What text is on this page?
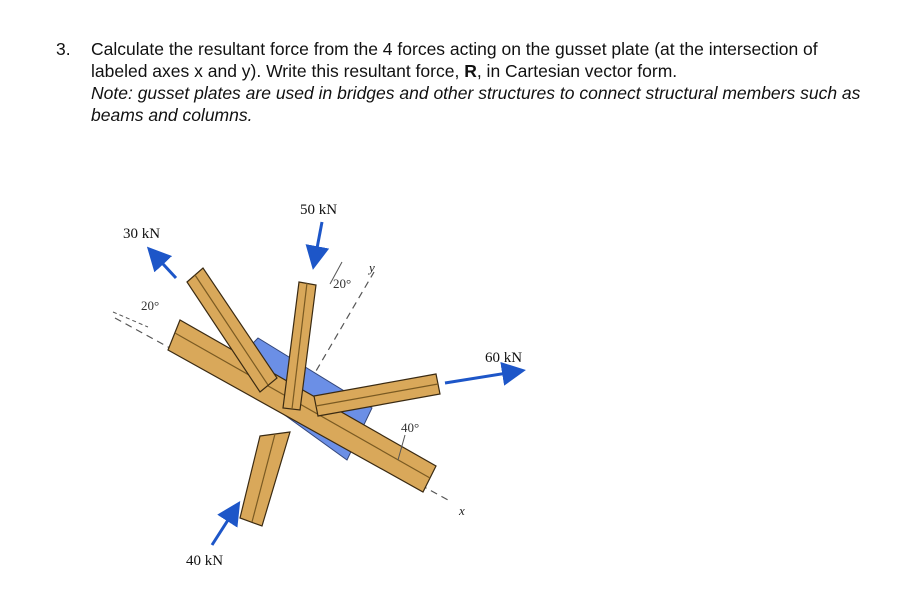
3. Calculate the resultant force from the 4 forces acting on the gusset plate (at the intersection of labeled axes x and y). Write this resultant force, R, in Cartesian vector form.
Note: gusset plates are used in bridges and other structures to connect structural members such as beams and columns.
30 kN
50 kN
60 kN
40 kN
20°
20°
40°
y
x
